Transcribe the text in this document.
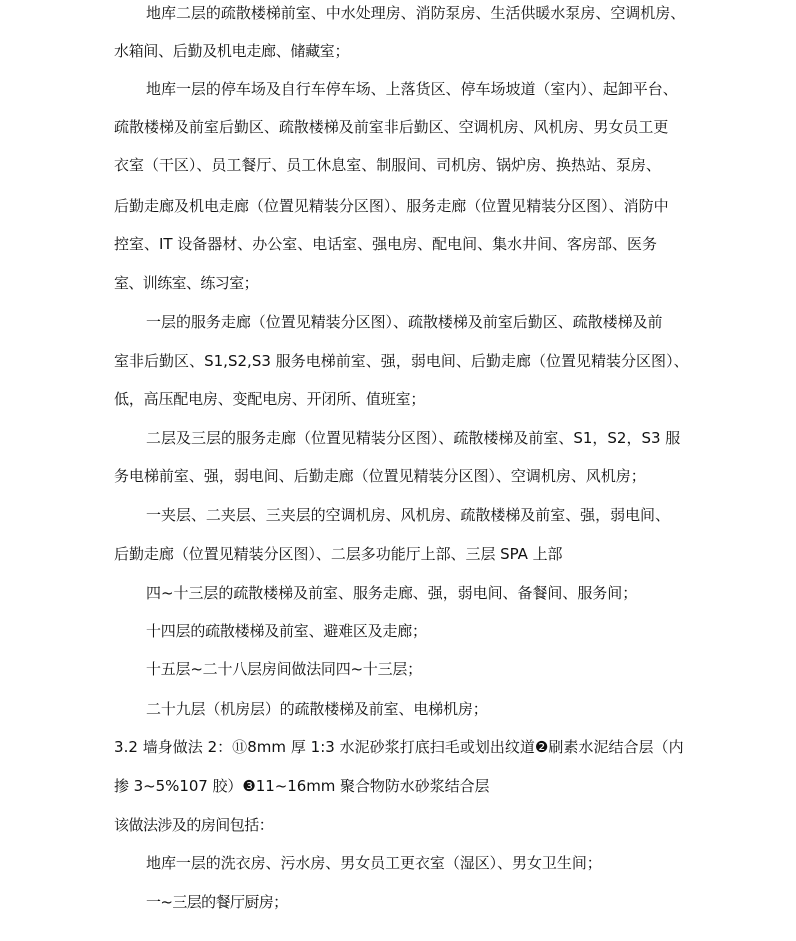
地库二层的疏散楼梯前室、中水处理房、消防泵房、生活供暖水泵房、空调机房、
水箱间、后勤及机电走廊、储藏室；
地库一层的停车场及自行车停车场、上落货区、停车场坡道（室内）、起卸平台、
疏散楼梯及前室后勤区、疏散楼梯及前室非后勤区、空调机房、风机房、男女员工更
衣室（干区）、员工餐厅、员工休息室、制服间、司机房、锅炉房、换热站、泵房、
后勤走廊及机电走廊（位置见精装分区图）、服务走廊（位置见精装分区图）、消防中
控室、IT 设备器材、办公室、电话室、强电房、配电间、集水井间、客房部、医务
室、训练室、练习室；
一层的服务走廊（位置见精装分区图）、疏散楼梯及前室后勤区、疏散楼梯及前
室非后勤区、S1,S2,S3 服务电梯前室、强，弱电间、后勤走廊（位置见精装分区图）、
低，高压配电房、变配电房、开闭所、值班室；
二层及三层的服务走廊（位置见精装分区图）、疏散楼梯及前室、S1，S2，S3 服
务电梯前室、强，弱电间、后勤走廊（位置见精装分区图）、空调机房、风机房；
一夹层、二夹层、三夹层的空调机房、风机房、疏散楼梯及前室、强，弱电间、
后勤走廊（位置见精装分区图）、二层多功能厅上部、三层 SPA 上部
四~十三层的疏散楼梯及前室、服务走廊、强，弱电间、备餐间、服务间；
十四层的疏散楼梯及前室、避难区及走廊；
十五层~二十八层房间做法同四~十三层；
二十九层（机房层）的疏散楼梯及前室、电梯机房；
3.2 墙身做法 2：⑪8mm 厚 1:3 水泥砂浆打底扫毛或划出纹道❷刷素水泥结合层（内
掺 3~5%107 胶）❸11~16mm 聚合物防水砂浆结合层
该做法涉及的房间包括：
地库一层的洗衣房、污水房、男女员工更衣室（湿区）、男女卫生间；
一~三层的餐厅厨房；
